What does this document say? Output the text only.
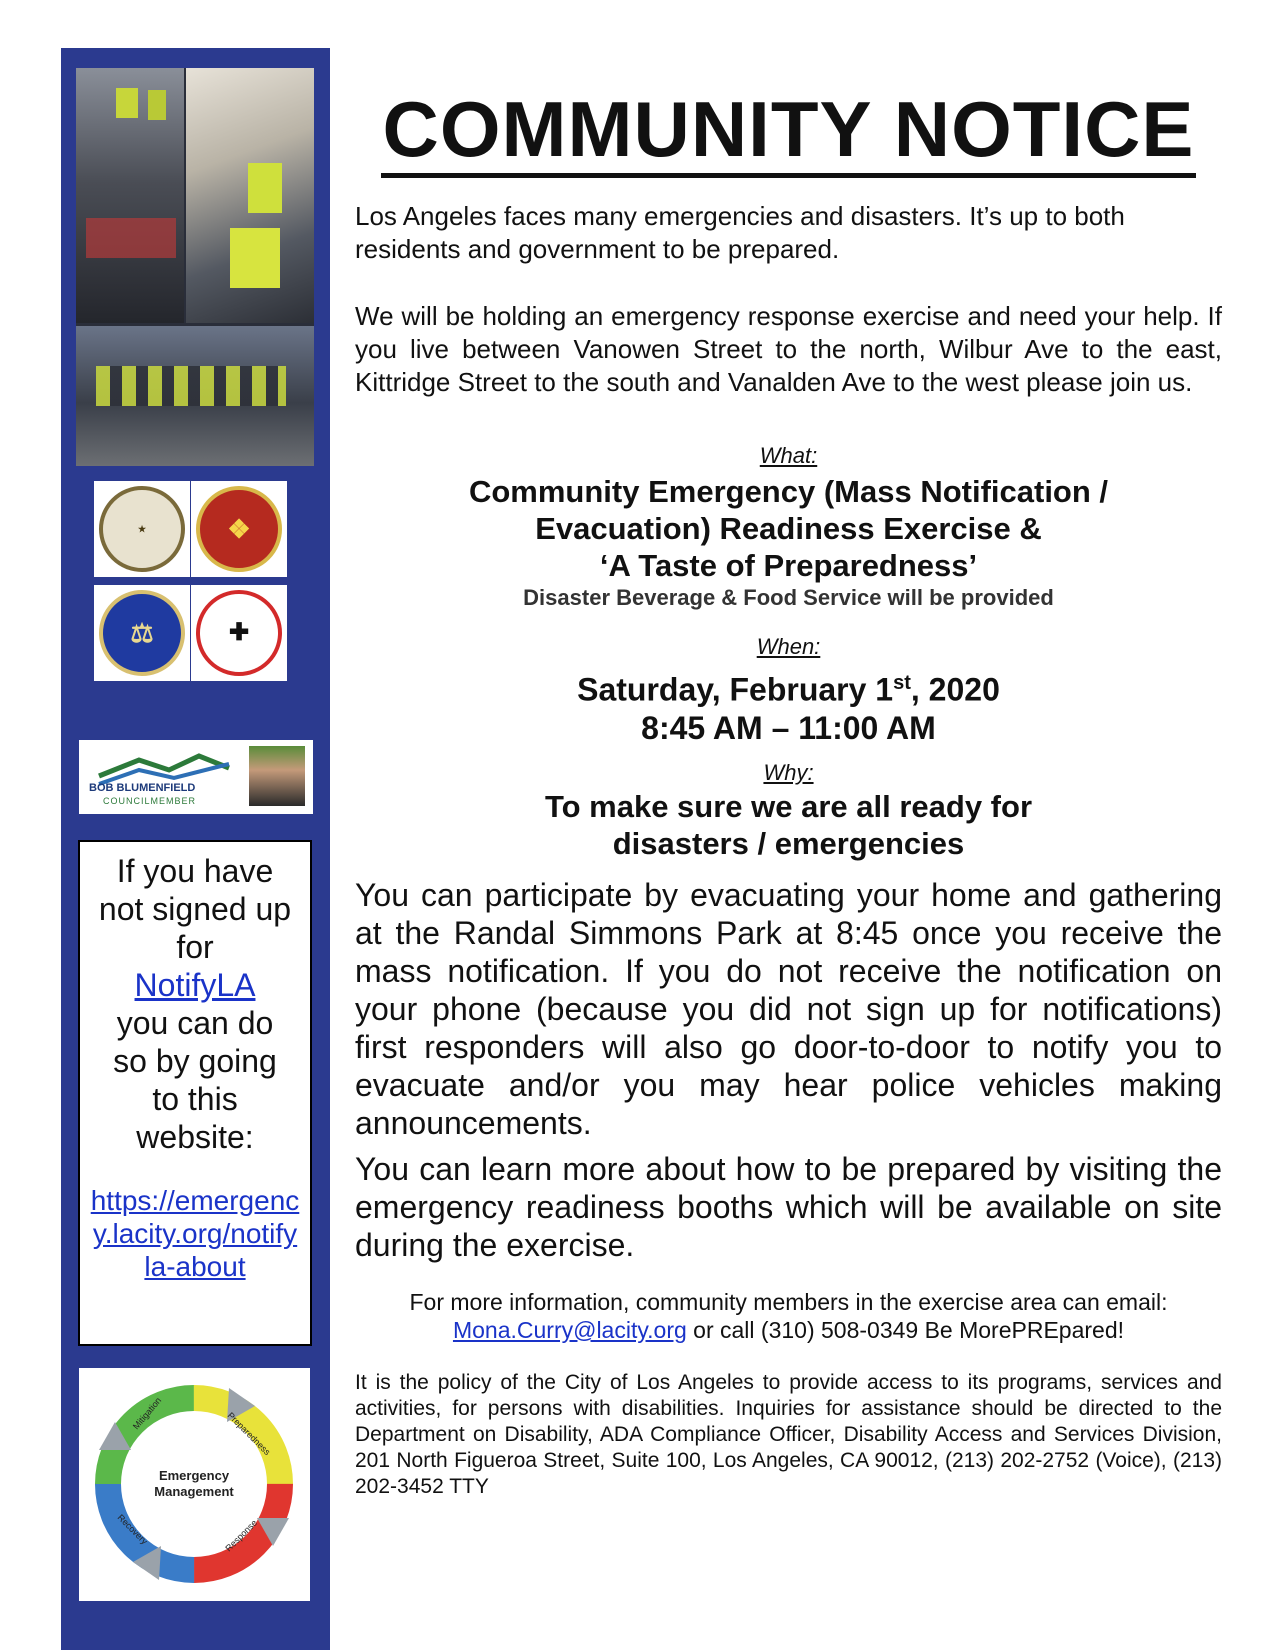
★	❖
⚖	✚
BOB BLUMENFIELD
COUNCILMEMBER
If you have not signed up for
NotifyLA
you can do so by going to this website:
https://emergency.lacity.org/notifyla-about
Emergency
Management
Mitigation	Preparedness
Response
Recovery
COMMUNITY NOTICE
Los Angeles faces many emergencies and disasters. It’s up to both residents and government to be prepared.
We will be holding an emergency response exercise and need your help. If you live between Vanowen Street to the north, Wilbur Ave to the east, Kittridge Street to the south and Vanalden Ave to the west please join us.
What:
Community Emergency (Mass Notification /
Evacuation) Readiness Exercise &
‘A Taste of Preparedness’
Disaster Beverage & Food Service will be provided
When:
Saturday, February 1st, 2020
8:45 AM – 11:00 AM
Why:
To make sure we are all ready for
disasters / emergencies
You can participate by evacuating your home and gathering at the Randal Simmons Park at 8:45 once you receive the mass notification. If you do not receive the notification on your phone (because you did not sign up for notifications) first responders will also go door-to-door to notify you to evacuate and/or you may hear police vehicles making announcements.
You can learn more about how to be prepared by visiting the emergency readiness booths which will be available on site during the exercise.
For more information, community members in the exercise area can email:
Mona.Curry@lacity.org or call (310) 508-0349 Be MorePREpared!
It is the policy of the City of Los Angeles to provide access to its programs, services and activities, for persons with disabilities. Inquiries for assistance should be directed to the Department on Disability, ADA Compliance Officer, Disability Access and Services Division, 201 North Figueroa Street, Suite 100, Los Angeles, CA 90012, (213) 202-2752 (Voice), (213) 202-3452 TTY
